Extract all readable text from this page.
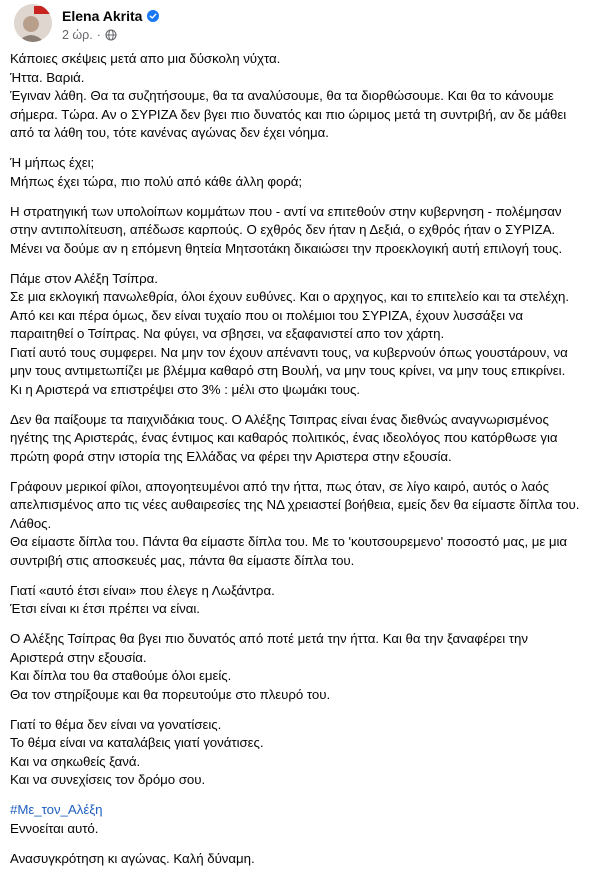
Elena Akrita
2 ώρ. ·
Κάποιες σκέψεις μετά απο μια δύσκολη νύχτα.
Ήττα. Βαριά.
Έγιναν λάθη. Θα τα συζητήσουμε, θα τα αναλύσουμε, θα τα διορθώσουμε. Και θα το κάνουμε
σήμερα. Τώρα. Αν ο ΣΥΡΙΖΑ δεν βγει πιο δυνατός και πιο ώριμος μετά τη συντριβή, αν δε μάθει
από τα λάθη του, τότε κανένας αγώνας δεν έχει νόημα.
Ή μήπως έχει;
Μήπως έχει τώρα, πιο πολύ από κάθε άλλη φορά;
Η στρατηγική των υπολοίπων κομμάτων που - αντί να επιτεθούν στην κυβερνηση - πολέμησαν
στην αντιπολίτευση, απέδωσε καρπούς. Ο εχθρός δεν ήταν η Δεξιά, ο εχθρός ήταν ο ΣΥΡΙΖΑ.
Μένει να δούμε αν η επόμενη θητεία Μητσοτάκη δικαιώσει την προεκλογική αυτή επιλογή τους.
Πάμε στον Αλέξη Τσίπρα.
Σε μια εκλογική πανωλεθρία, όλοι έχουν ευθύνες. Και ο αρχηγος, και το επιτελείο και τα στελέχη.
Από κει και πέρα όμως, δεν είναι τυχαίο που οι πολέμιοι του ΣΥΡΙΖΑ, έχουν λυσσάξει να
παραιτηθεί ο Τσίπρας. Να φύγει, να σβησει, να εξαφανιστεί απο τον χάρτη.
Γιατί αυτό τους συμφερει. Να μην τον έχουν απέναντι τους, να κυβερνούν όπως γουστάρουν, να
μην τους αντιμετωπίζει με βλέμμα καθαρό στη Βουλή, να μην τους κρίνει, να μην τους επικρίνει.
Κι η Αριστερά να επιστρέψει στο 3% : μέλι στο ψωμάκι τους.
Δεν θα παίξουμε τα παιχνιδάκια τους. Ο Αλέξης Τσιπρας είναι ένας διεθνώς αναγνωρισμένος
ηγέτης της Αριστεράς, ένας έντιμος και καθαρός πολιτικός, ένας ιδεολόγος που κατόρθωσε για
πρώτη φορά στην ιστορία της Ελλάδας να φέρει την Αριστερα στην εξουσία.
Γράφουν μερικοί φίλοι, απογοητευμένοι από την ήττα, πως όταν, σε λίγο καιρό, αυτός ο λαός
απελπισμένος απο τις νέες αυθαιρεσίες της ΝΔ χρειαστεί βοήθεια, εμείς δεν θα είμαστε δίπλα του.
Λάθος.
Θα είμαστε δίπλα του. Πάντα θα είμαστε δίπλα του. Με το 'κουτσουρεμενο' ποσοστό μας, με μια
συντριβή στις αποσκευές μας, πάντα θα είμαστε δίπλα του.
Γιατί «αυτό έτσι είναι» που έλεγε η Λωξάντρα.
Έτσι είναι κι έτσι πρέπει να είναι.
Ο Αλέξης Τσίπρας θα βγει πιο δυνατός από ποτέ μετά την ήττα. Και θα την ξαναφέρει την
Αριστερά στην εξουσία.
Και δίπλα του θα σταθούμε όλοι εμείς.
Θα τον στηρίξουμε και θα πορευτούμε στο πλευρό του.
Γιατί το θέμα δεν είναι να γονατίσεις.
Το θέμα είναι να καταλάβεις γιατί γονάτισες.
Και να σηκωθείς ξανά.
Και να συνεχίσεις τον δρόμο σου.
#Με_τον_Αλέξη
Εννοείται αυτό.
Ανασυγκρότηση κι αγώνας. Καλή δύναμη.
